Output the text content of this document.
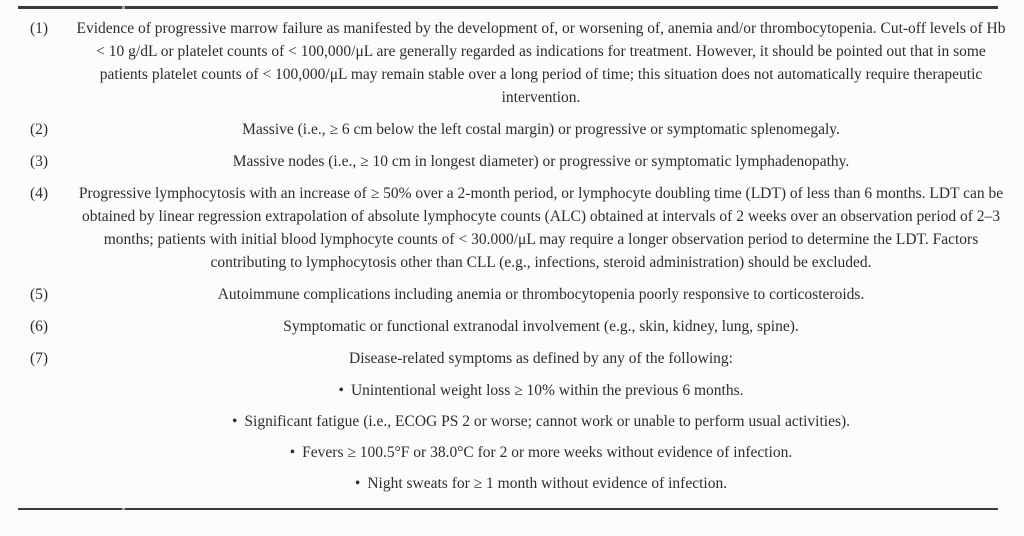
(1) Evidence of progressive marrow failure as manifested by the development of, or worsening of, anemia and/or thrombocytopenia. Cut-off levels of Hb < 10 g/dL or platelet counts of < 100,000/μL are generally regarded as indications for treatment. However, it should be pointed out that in some patients platelet counts of < 100,000/μL may remain stable over a long period of time; this situation does not automatically require therapeutic intervention.
(2)	Massive (i.e., ≥ 6 cm below the left costal margin) or progressive or symptomatic splenomegaly.
(3)	Massive nodes (i.e., ≥ 10 cm in longest diameter) or progressive or symptomatic lymphadenopathy.
(4) Progressive lymphocytosis with an increase of ≥ 50% over a 2-month period, or lymphocyte doubling time (LDT) of less than 6 months. LDT can be obtained by linear regression extrapolation of absolute lymphocyte counts (ALC) obtained at intervals of 2 weeks over an observation period of 2–3 months; patients with initial blood lymphocyte counts of < 30.000/μL may require a longer observation period to determine the LDT. Factors contributing to lymphocytosis other than CLL (e.g., infections, steroid administration) should be excluded.
(5)	Autoimmune complications including anemia or thrombocytopenia poorly responsive to corticosteroids.
(6)	Symptomatic or functional extranodal involvement (e.g., skin, kidney, lung, spine).
(7)	Disease-related symptoms as defined by any of the following:
• Unintentional weight loss ≥ 10% within the previous 6 months.
• Significant fatigue (i.e., ECOG PS 2 or worse; cannot work or unable to perform usual activities).
• Fevers ≥ 100.5°F or 38.0°C for 2 or more weeks without evidence of infection.
• Night sweats for ≥ 1 month without evidence of infection.
